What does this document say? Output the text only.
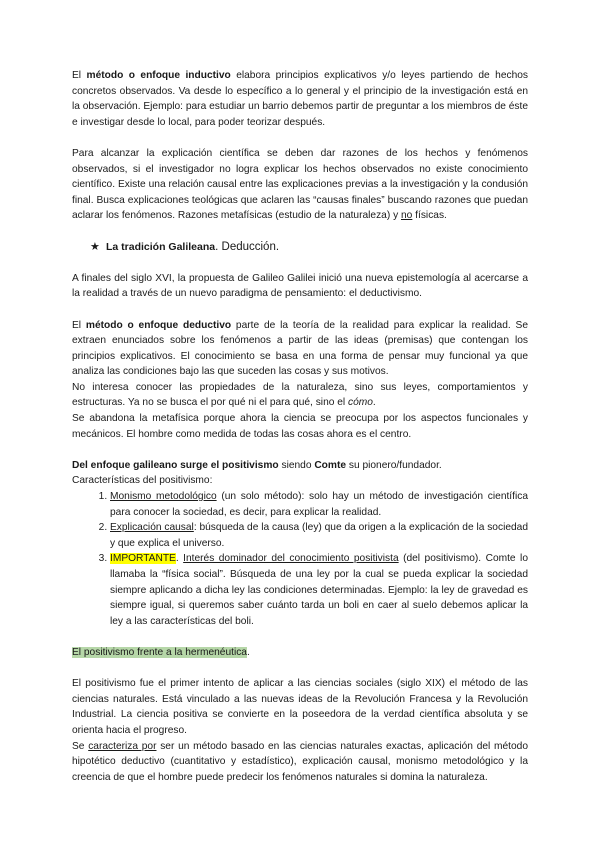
El método o enfoque inductivo elabora principios explicativos y/o leyes partiendo de hechos concretos observados. Va desde lo específico a lo general y el principio de la investigación está en la observación. Ejemplo: para estudiar un barrio debemos partir de preguntar a los miembros de éste e investigar desde lo local, para poder teorizar después.

Para alcanzar la explicación científica se deben dar razones de los hechos y fenómenos observados, si el investigador no logra explicar los hechos observados no existe conocimiento científico. Existe una relación causal entre las explicaciones previas a la investigación y la condusión final. Busca explicaciones teológicas que aclaren las “causas finales” buscando razones que puedan aclarar los fenómenos. Razones metafísicas (estudio de la naturaleza) y no físicas.

★ La tradición Galileana. Deducción.

A finales del siglo XVI, la propuesta de Galileo Galilei inició una nueva epistemología al acercarse a la realidad a través de un nuevo paradigma de pensamiento: el deductivismo.

El método o enfoque deductivo parte de la teoría de la realidad para explicar la realidad. Se extraen enunciados sobre los fenómenos a partir de las ideas (premisas) que contengan los principios explicativos. El conocimiento se basa en una forma de pensar muy funcional ya que analiza las condiciones bajo las que suceden las cosas y sus motivos.

No interesa conocer las propiedades de la naturaleza, sino sus leyes, comportamientos y estructuras. Ya no se busca el por qué ni el para qué, sino el cómo.

Se abandona la metafísica porque ahora la ciencia se preocupa por los aspectos funcionales y mecánicos. El hombre como medida de todas las cosas ahora es el centro.

Del enfoque galileano surge el positivismo siendo Comte su pionero/fundador.

Características del positivismo:

1. Monismo metodológico (un solo método): solo hay un método de investigación científica para conocer la sociedad, es decir, para explicar la realidad.
2. Explicación causal: búsqueda de la causa (ley) que da origen a la explicación de la sociedad y que explica el universo.
3. IMPORTANTE. Interés dominador del conocimiento positivista (del positivismo). Comte lo llamaba la “física social”. Búsqueda de una ley por la cual se pueda explicar la sociedad siempre aplicando a dicha ley las condiciones determinadas. Ejemplo: la ley de gravedad es siempre igual, si queremos saber cuánto tarda un boli en caer al suelo debemos aplicar la ley a las características del boli.

El positivismo frente a la hermenéutica.

El positivismo fue el primer intento de aplicar a las ciencias sociales (siglo XIX) el método de las ciencias naturales. Está vinculado a las nuevas ideas de la Revolución Francesa y la Revolución Industrial. La ciencia positiva se convierte en la poseedora de la verdad científica absoluta y se orienta hacia el progreso.

Se caracteriza por ser un método basado en las ciencias naturales exactas, aplicación del método hipotético deductivo (cuantitativo y estadístico), explicación causal, monismo metodológico y la creencia de que el hombre puede predecir los fenómenos naturales si domina la naturaleza.
